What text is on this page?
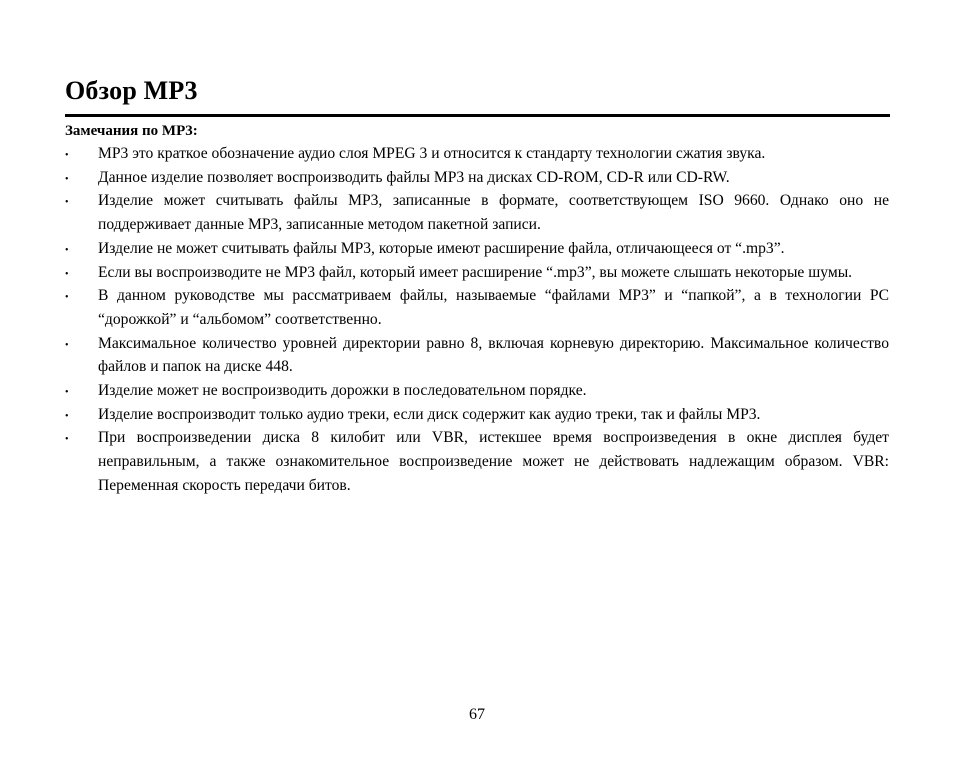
Обзор MP3
Замечания по MP3:
• MP3 это краткое обозначение аудио слоя MPEG 3 и относится к стандарту технологии сжатия звука.
• Данное изделие позволяет воспроизводить файлы MP3 на дисках CD-ROM, CD-R или CD-RW.
• Изделие может считывать файлы MP3, записанные в формате, соответствующем ISO 9660. Однако оно не поддерживает данные MP3, записанные методом пакетной записи.
• Изделие не может считывать файлы MP3, которые имеют расширение файла, отличающееся от “.mp3”.
• Если вы воспроизводите не MP3 файл, который имеет расширение “.mp3”, вы можете слышать некоторые шумы.
• В данном руководстве мы рассматриваем файлы, называемые “файлами MP3” и “папкой”, а в технологии PC “дорожкой” и “альбомом” соответственно.
• Максимальное количество уровней директории равно 8, включая корневую директорию. Максимальное количество файлов и папок на диске 448.
• Изделие может не воспроизводить дорожки в последовательном порядке.
• Изделие воспроизводит только аудио треки, если диск содержит как аудио треки, так и файлы MP3.
• При воспроизведении диска 8 килобит или VBR, истекшее время воспроизведения в окне дисплея будет неправильным, а также ознакомительное воспроизведение может не действовать надлежащим образом. VBR: Переменная скорость передачи битов.
67
